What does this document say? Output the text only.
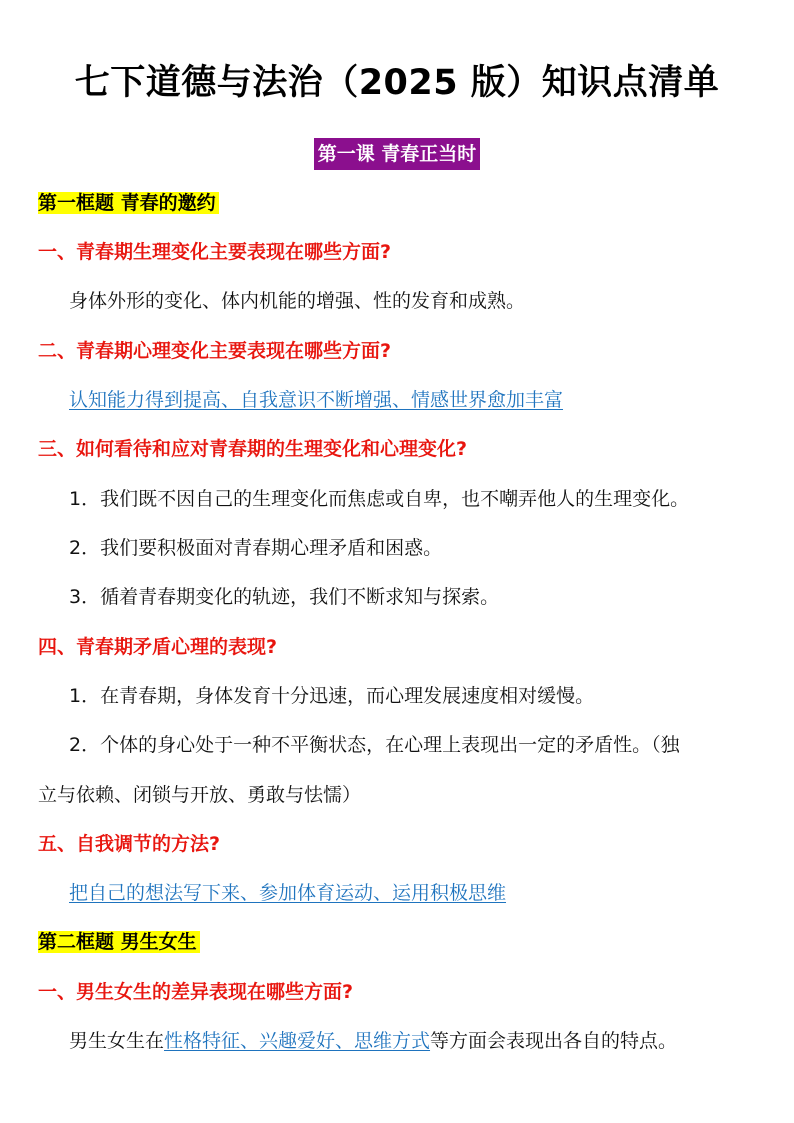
七下道德与法治（2025 版）知识点清单
第一课 青春正当时
第一框题 青春的邀约
一、青春期生理变化主要表现在哪些方面?
身体外形的变化、体内机能的增强、性的发育和成熟。
二、青春期心理变化主要表现在哪些方面?
认知能力得到提高、自我意识不断增强、情感世界愈加丰富
三、如何看待和应对青春期的生理变化和心理变化?
1．我们既不因自己的生理变化而焦虑或自卑，也不嘲弄他人的生理变化。
2．我们要积极面对青春期心理矛盾和困惑。
3．循着青春期变化的轨迹，我们不断求知与探索。
四、青春期矛盾心理的表现?
1．在青春期，身体发育十分迅速，而心理发展速度相对缓慢。
2．个体的身心处于一种不平衡状态，在心理上表现出一定的矛盾性。（独
立与依赖、闭锁与开放、勇敢与怯懦）
五、自我调节的方法?
把自己的想法写下来、参加体育运动、运用积极思维
第二框题 男生女生
一、男生女生的差异表现在哪些方面?
男生女生在性格特征、兴趣爱好、思维方式等方面会表现出各自的特点。
